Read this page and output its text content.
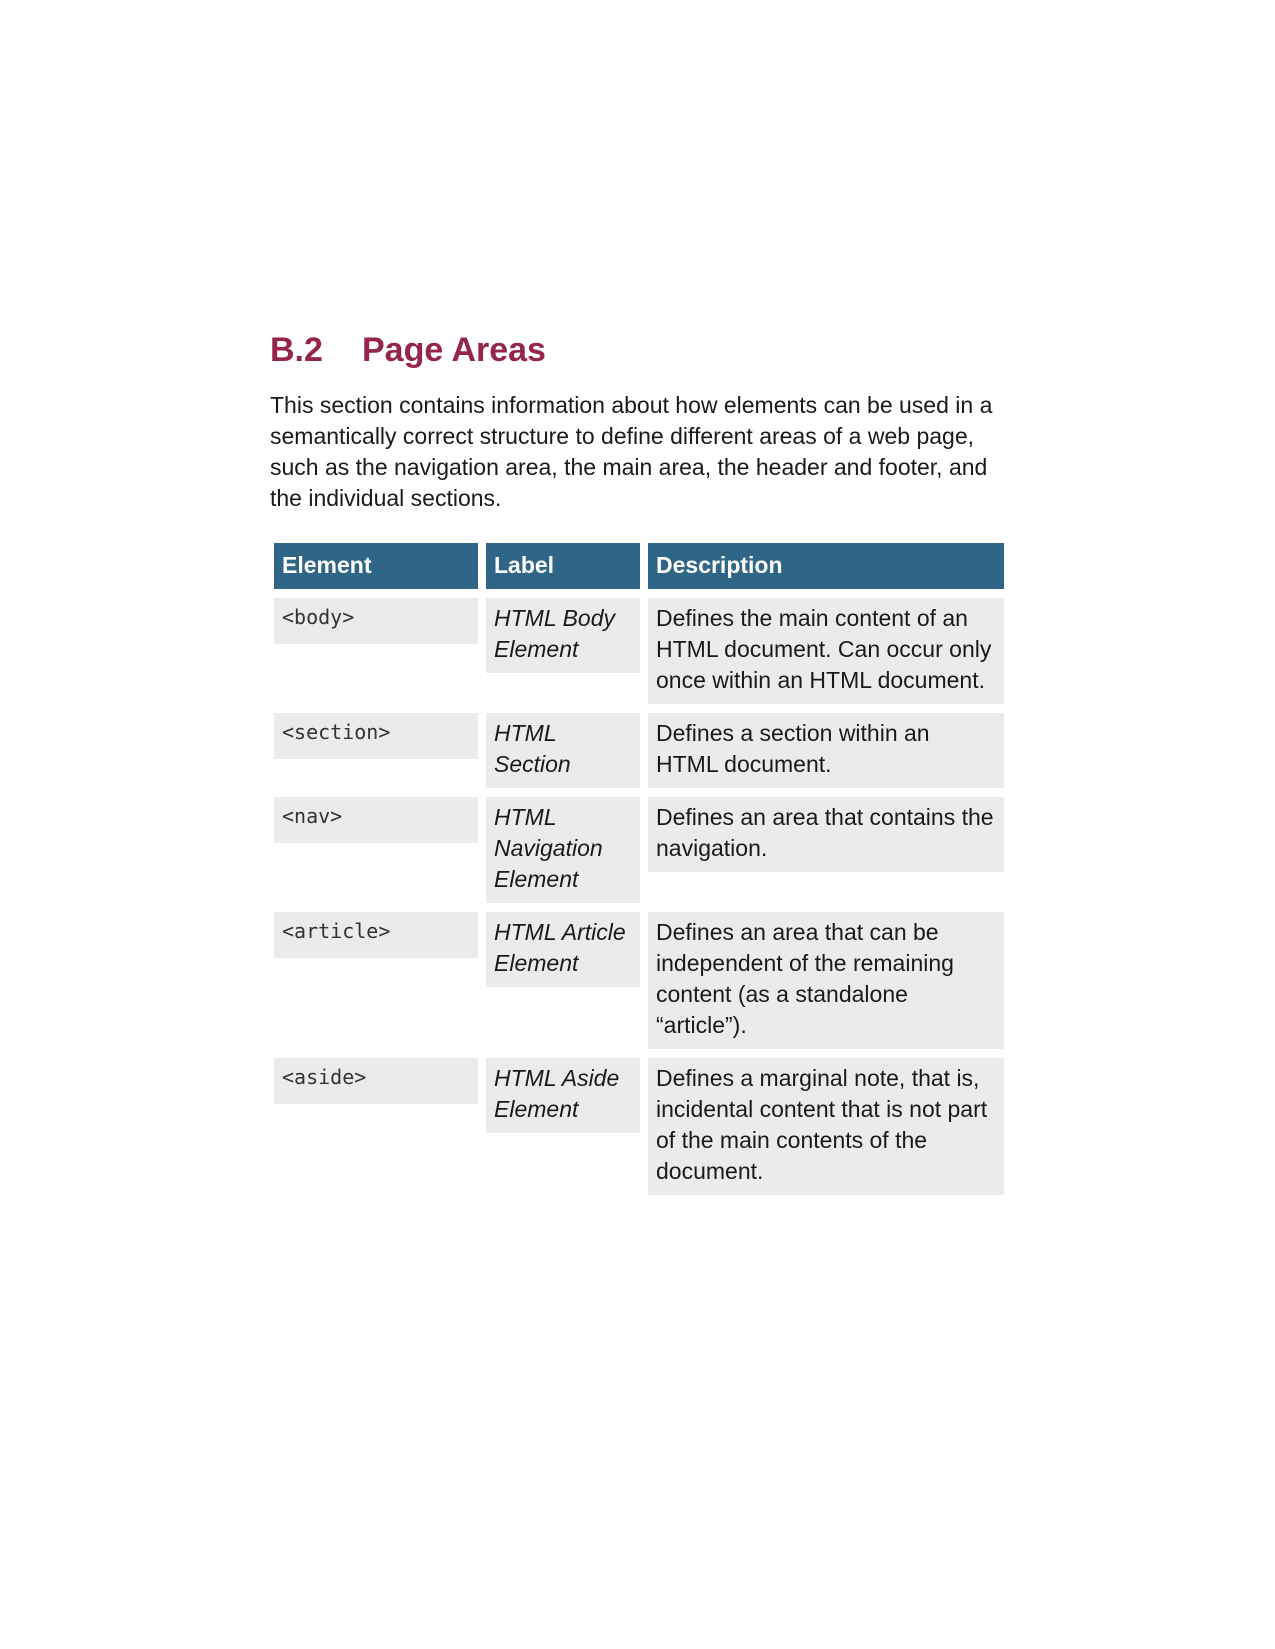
B.2 Page Areas

This section contains information about how elements can be used in a semantically correct structure to define different areas of a web page, such as the navigation area, the main area, the header and footer, and the individual sections.

Element	Label	Description

<body>	HTML Body Element	Defines the main content of an HTML document. Can occur only once within an HTML document.

<section>	HTML Section	Defines a section within an HTML document.

<nav>	HTML Navigation Element	Defines an area that contains the navigation.

<article>	HTML Article Element	Defines an area that can be independent of the remaining content (as a standalone “article”).

<aside>	HTML Aside Element	Defines a marginal note, that is, incidental content that is not part of the main contents of the document.
